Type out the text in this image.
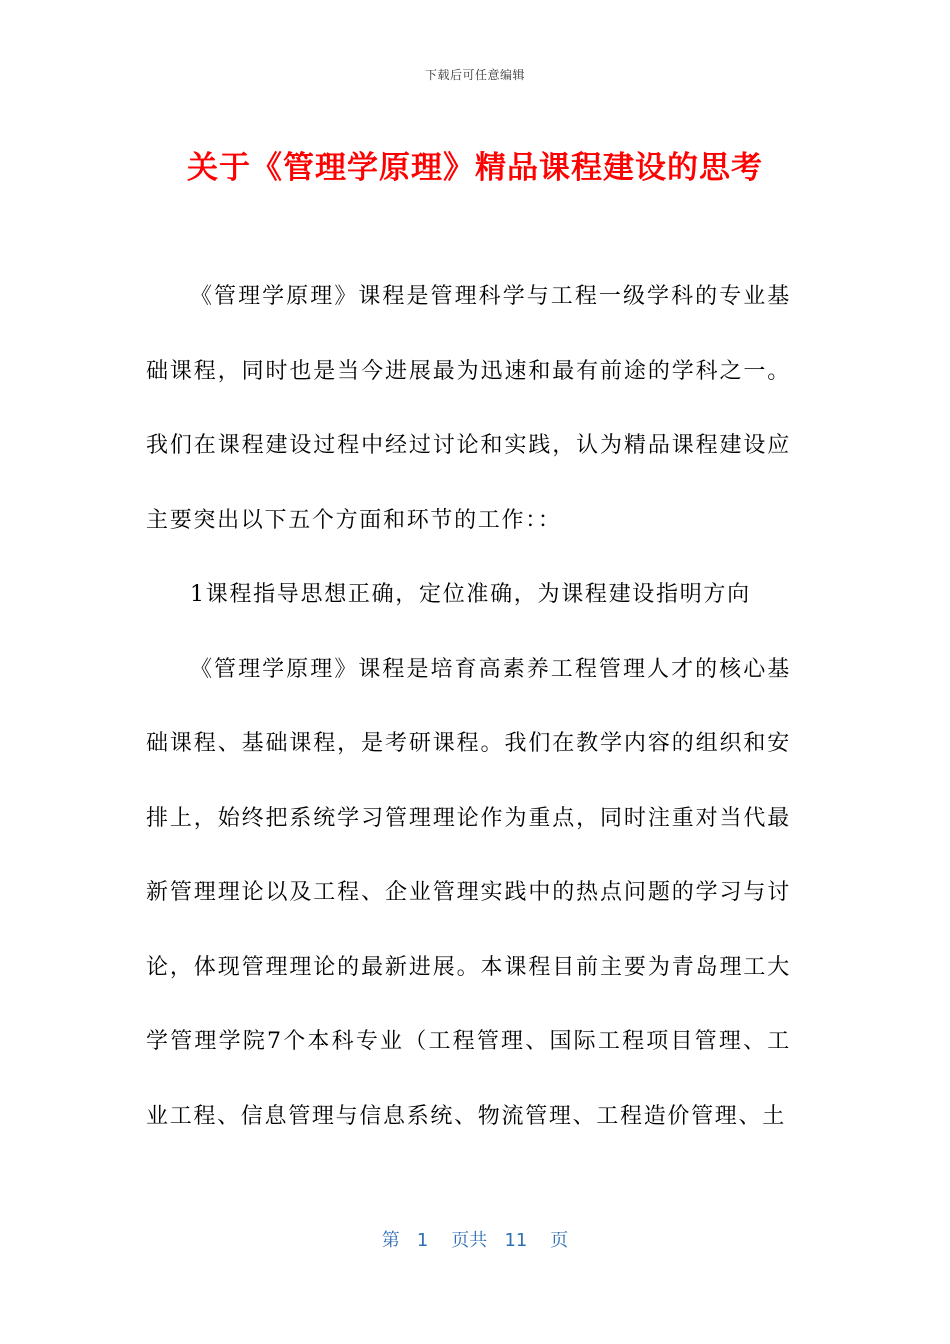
下载后可任意编辑
关于《管理学原理》精品课程建设的思考

《管理学原理》课程是管理科学与工程一级学科的专业基础课程，同时也是当今进展最为迅速和最有前途的学科之一。我们在课程建设过程中经过讨论和实践，认为精品课程建设应主要突出以下五个方面和环节的工作：：

1课程指导思想正确，定位准确，为课程建设指明方向

《管理学原理》课程是培育高素养工程管理人才的核心基础课程、基础课程，是考研课程。我们在教学内容的组织和安排上，始终把系统学习管理理论作为重点，同时注重对当代最新管理理论以及工程、企业管理实践中的热点问题的学习与讨论，体现管理理论的最新进展。本课程目前主要为青岛理工大学管理学院7个本科专业（工程管理、国际工程项目管理、工业工程、信息管理与信息系统、物流管理、工程造价管理、土

第 1 页共 11 页
